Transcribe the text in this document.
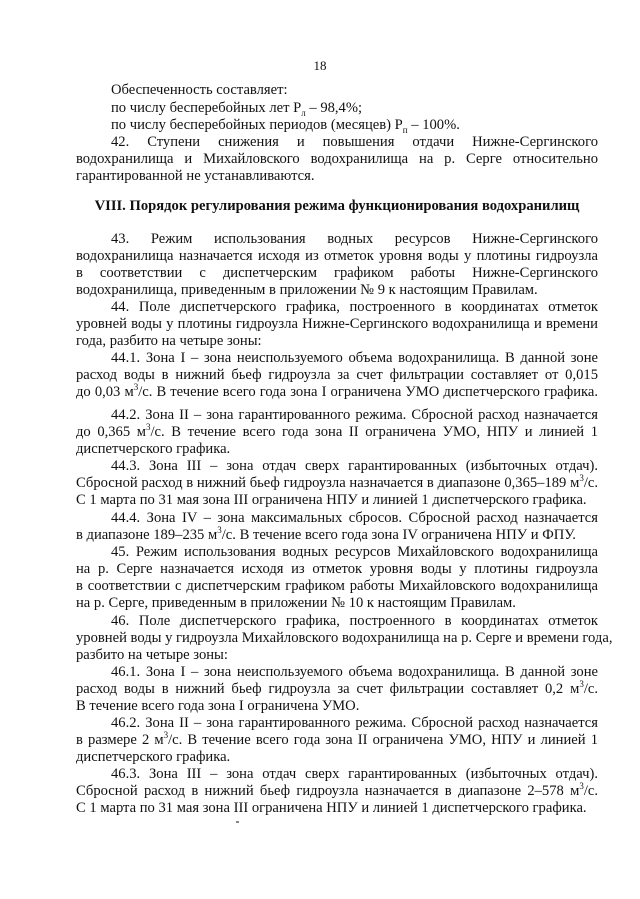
18
Обеспеченность составляет:
по числу бесперебойных лет $Р_л - 98,4\%$;
по числу бесперебойных периодов (месяцев) $Р_п - 100\%$.
42. Ступени снижения и повышения отдачи Нижне-Сергинского
водохранилища и Михайловского водохранилища на р. Серге относительно
гарантированной не устанавливаются.
VIII. Порядок регулирования режима функционирования водохранилищ
43. Режим использования водных ресурсов Нижне-Сергинского
водохранилища назначается исходя из отметок уровня воды у плотины гидроузла
в соответствии с диспетчерским графиком работы Нижне-Сергинского
водохранилища, приведенным в приложении № 9 к настоящим Правилам.
44. Поле диспетчерского графика, построенного в координатах отметок
уровней воды у плотины гидроузла Нижне-Сергинского водохранилища и времени
года, разбито на четыре зоны:
44.1. Зона I – зона неиспользуемого объема водохранилища. В данной зоне
расход воды в нижний бьеф гидроузла за счет фильтрации составляет от 0,015
до 0,03 $м^3/с$. В течение всего года зона I ограничена УМО диспетчерского графика.
44.2. Зона II – зона гарантированного режима. Сбросной расход назначается
до 0,365 $м^3/с$. В течение всего года зона II ограничена УМО, НПУ и линией 1
диспетчерского графика.
44.3. Зона III – зона отдач сверх гарантированных (избыточных отдач).
Сбросной расход в нижний бьеф гидроузла назначается в диапазоне 0,365–189 $м^3/с$.
С 1 марта по 31 мая зона III ограничена НПУ и линией 1 диспетчерского графика.
44.4. Зона IV – зона максимальных сбросов. Сбросной расход назначается
в диапазоне 189–235 $м^3/с$. В течение всего года зона IV ограничена НПУ и ФПУ.
45. Режим использования водных ресурсов Михайловского водохранилища
на р. Серге назначается исходя из отметок уровня воды у плотины гидроузла
в соответствии с диспетчерским графиком работы Михайловского водохранилища
на р. Серге, приведенным в приложении № 10 к настоящим Правилам.
46. Поле диспетчерского графика, построенного в координатах отметок
уровней воды у гидроузла Михайловского водохранилища на р. Серге и времени года,
разбито на четыре зоны:
46.1. Зона I – зона неиспользуемого объема водохранилища. В данной зоне
расход воды в нижний бьеф гидроузла за счет фильтрации составляет 0,2 $м^3/с$.
В течение всего года зона I ограничена УМО.
46.2. Зона II – зона гарантированного режима. Сбросной расход назначается
в размере 2 $м^3/с$. В течение всего года зона II ограничена УМО, НПУ и линией 1
диспетчерского графика.
46.3. Зона III – зона отдач сверх гарантированных (избыточных отдач).
Сбросной расход в нижний бьеф гидроузла назначается в диапазоне 2–578 $м^3/с$.
С 1 марта по 31 мая зона III ограничена НПУ и линией 1 диспетчерского графика.
